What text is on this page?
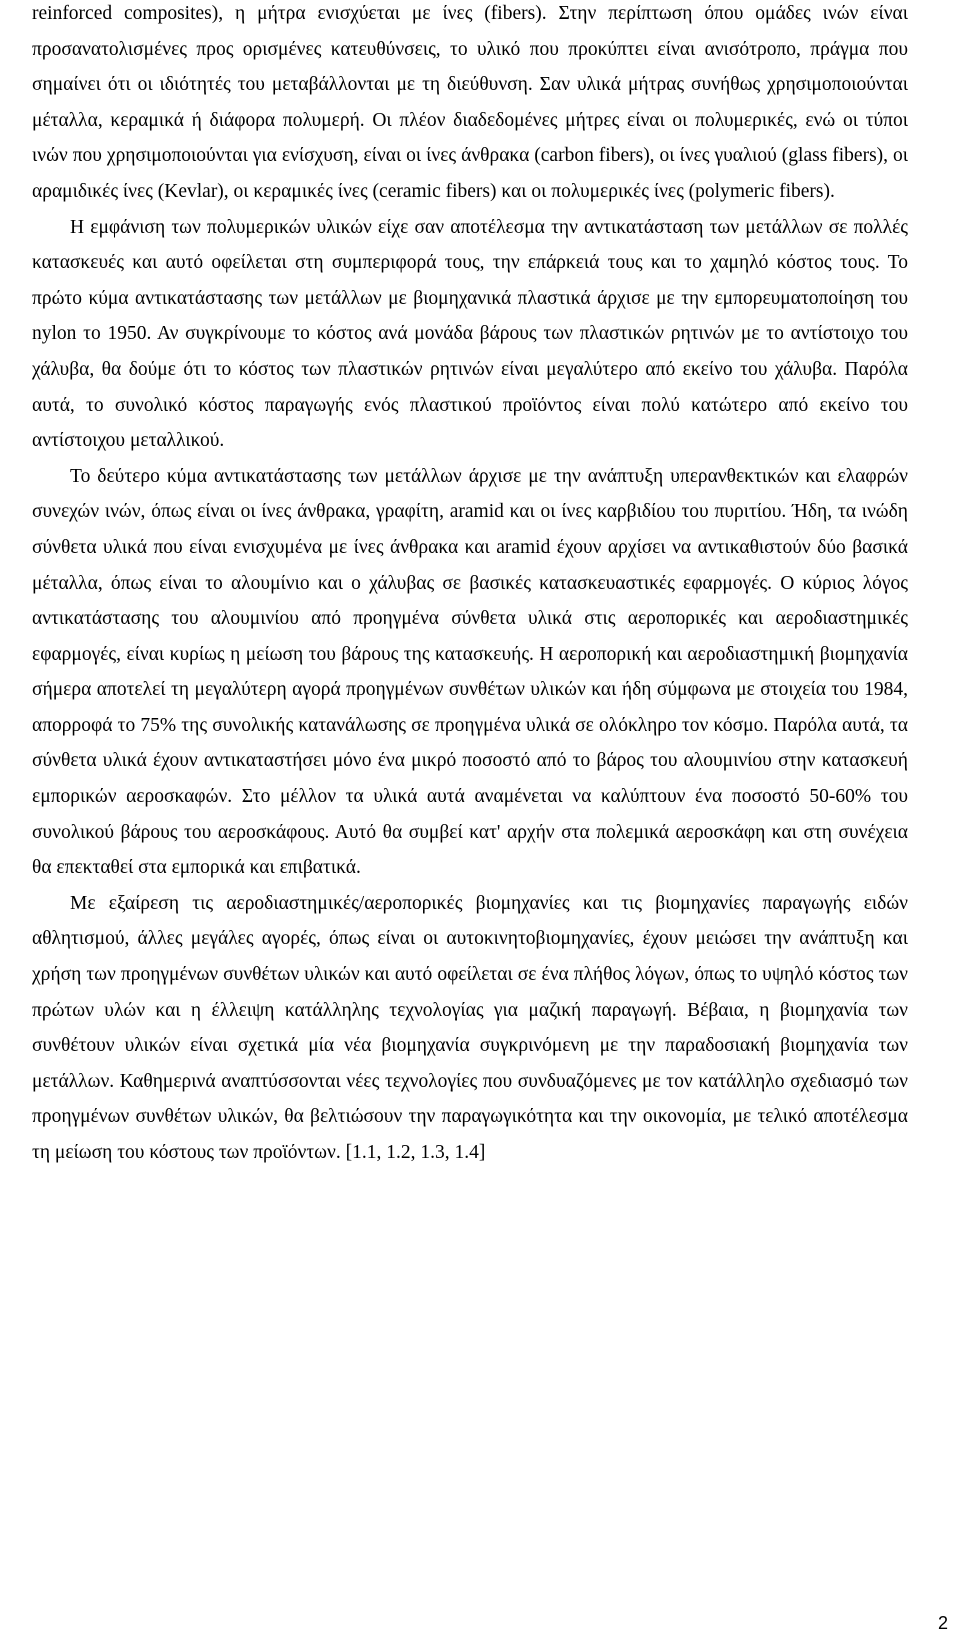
reinforced composites), η μήτρα ενισχύεται με ίνες (fibers). Στην περίπτωση όπου ομάδες ινών είναι προσανατολισμένες προς ορισμένες κατευθύνσεις, το υλικό που προκύπτει είναι ανισότροπο, πράγμα που σημαίνει ότι οι ιδιότητές του μεταβάλλονται με τη διεύθυνση. Σαν υλικά μήτρας συνήθως χρησιμοποιούνται μέταλλα, κεραμικά ή διάφορα πολυμερή. Οι πλέον διαδεδομένες μήτρες είναι οι πολυμερικές, ενώ οι τύποι ινών που χρησιμοποιούνται για ενίσχυση, είναι οι ίνες άνθρακα (carbon fibers), οι ίνες γυαλιού (glass fibers), οι αραμιδικές ίνες (Kevlar), οι κεραμικές ίνες (ceramic fibers) και οι πολυμερικές ίνες (polymeric fibers).

Η εμφάνιση των πολυμερικών υλικών είχε σαν αποτέλεσμα την αντικατάσταση των μετάλλων σε πολλές κατασκευές και αυτό οφείλεται στη συμπεριφορά τους, την επάρκειά τους και το χαμηλό κόστος τους. Το πρώτο κύμα αντικατάστασης των μετάλλων με βιομηχανικά πλαστικά άρχισε με την εμπορευματοποίηση του nylon το 1950. Αν συγκρίνουμε το κόστος ανά μονάδα βάρους των πλαστικών ρητινών με το αντίστοιχο του χάλυβα, θα δούμε ότι το κόστος των πλαστικών ρητινών είναι μεγαλύτερο από εκείνο του χάλυβα. Παρόλα αυτά, το συνολικό κόστος παραγωγής ενός πλαστικού προϊόντος είναι πολύ κατώτερο από εκείνο του αντίστοιχου μεταλλικού.

Το δεύτερο κύμα αντικατάστασης των μετάλλων άρχισε με την ανάπτυξη υπερανθεκτικών και ελαφρών συνεχών ινών, όπως είναι οι ίνες άνθρακα, γραφίτη, aramid και οι ίνες καρβιδίου του πυριτίου. Ήδη, τα ινώδη σύνθετα υλικά που είναι ενισχυμένα με ίνες άνθρακα και aramid έχουν αρχίσει να αντικαθιστούν δύο βασικά μέταλλα, όπως είναι το αλουμίνιο και ο χάλυβας σε βασικές κατασκευαστικές εφαρμογές. Ο κύριος λόγος αντικατάστασης του αλουμινίου από προηγμένα σύνθετα υλικά στις αεροπορικές και αεροδιαστημικές εφαρμογές, είναι κυρίως η μείωση του βάρους της κατασκευής. Η αεροπορική και αεροδιαστημική βιομηχανία σήμερα αποτελεί τη μεγαλύτερη αγορά προηγμένων συνθέτων υλικών και ήδη σύμφωνα με στοιχεία του 1984, απορροφά το 75% της συνολικής κατανάλωσης σε προηγμένα υλικά σε ολόκληρο τον κόσμο. Παρόλα αυτά, τα σύνθετα υλικά έχουν αντικαταστήσει μόνο ένα μικρό ποσοστό από το βάρος του αλουμινίου στην κατασκευή εμπορικών αεροσκαφών. Στο μέλλον τα υλικά αυτά αναμένεται να καλύπτουν ένα ποσοστό 50-60% του συνολικού βάρους του αεροσκάφους. Αυτό θα συμβεί κατ' αρχήν στα πολεμικά αεροσκάφη και στη συνέχεια θα επεκταθεί στα εμπορικά και επιβατικά.

Με εξαίρεση τις αεροδιαστημικές/αεροπορικές βιομηχανίες και τις βιομηχανίες παραγωγής ειδών αθλητισμού, άλλες μεγάλες αγορές, όπως είναι οι αυτοκινητοβιομηχανίες, έχουν μειώσει την ανάπτυξη και χρήση των προηγμένων συνθέτων υλικών και αυτό οφείλεται σε ένα πλήθος λόγων, όπως το υψηλό κόστος των πρώτων υλών και η έλλειψη κατάλληλης τεχνολογίας για μαζική παραγωγή. Βέβαια, η βιομηχανία των συνθέτουν υλικών είναι σχετικά μία νέα βιομηχανία συγκρινόμενη με την παραδοσιακή βιομηχανία των μετάλλων. Καθημερινά αναπτύσσονται νέες τεχνολογίες που συνδυαζόμενες με τον κατάλληλο σχεδιασμό των προηγμένων συνθέτων υλικών, θα βελτιώσουν την παραγωγικότητα και την οικονομία, με τελικό αποτέλεσμα τη μείωση του κόστους των προϊόντων. [1.1, 1.2, 1.3, 1.4]

2
